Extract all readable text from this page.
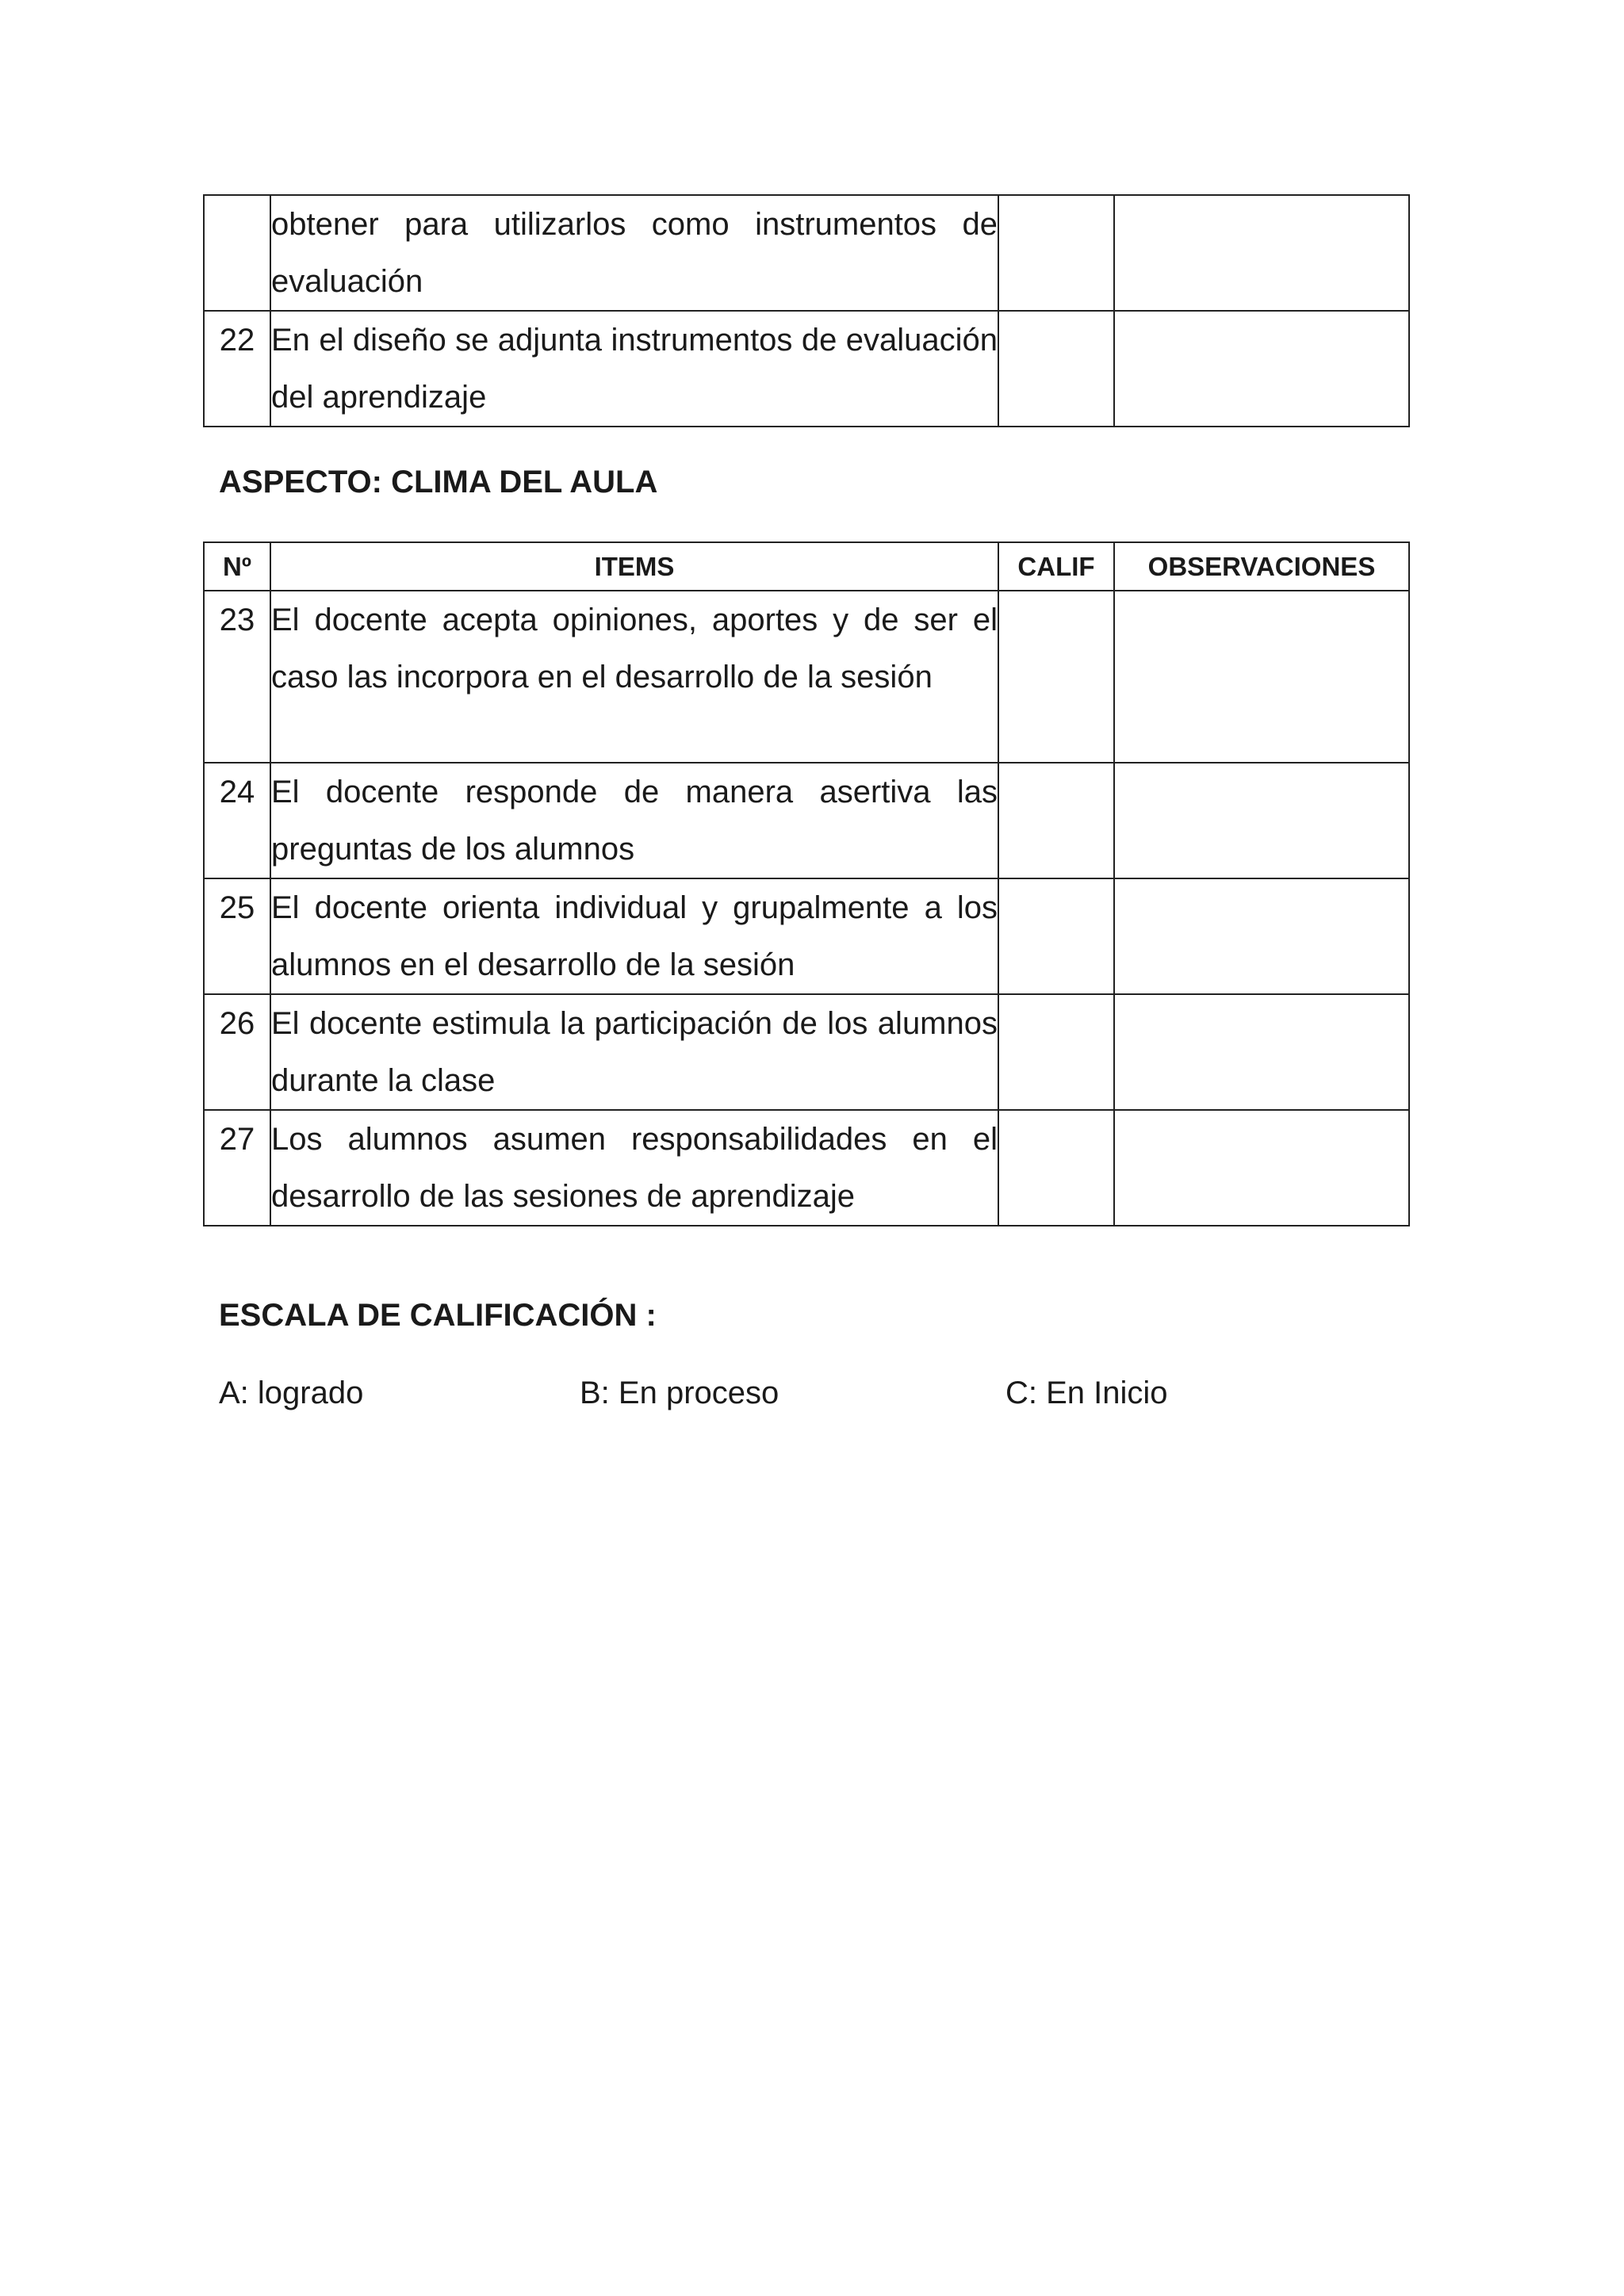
	obtener para utilizarlos como instrumentos de evaluación		
22	En el diseño se adjunta instrumentos de evaluación del aprendizaje		

ASPECTO: CLIMA DEL AULA

Nº	ITEMS	CALIF	OBSERVACIONES
23	El docente acepta opiniones, aportes y de ser el caso las incorpora en el desarrollo de la sesión		
24	El docente responde de manera asertiva las preguntas de los alumnos		
25	El docente orienta individual y grupalmente a los alumnos en el desarrollo de la sesión		
26	El docente estimula la participación de los alumnos durante la clase		
27	Los alumnos asumen responsabilidades en el desarrollo de las sesiones de aprendizaje		

ESCALA DE CALIFICACIÓN :

A: logrado	B: En proceso	C: En Inicio
